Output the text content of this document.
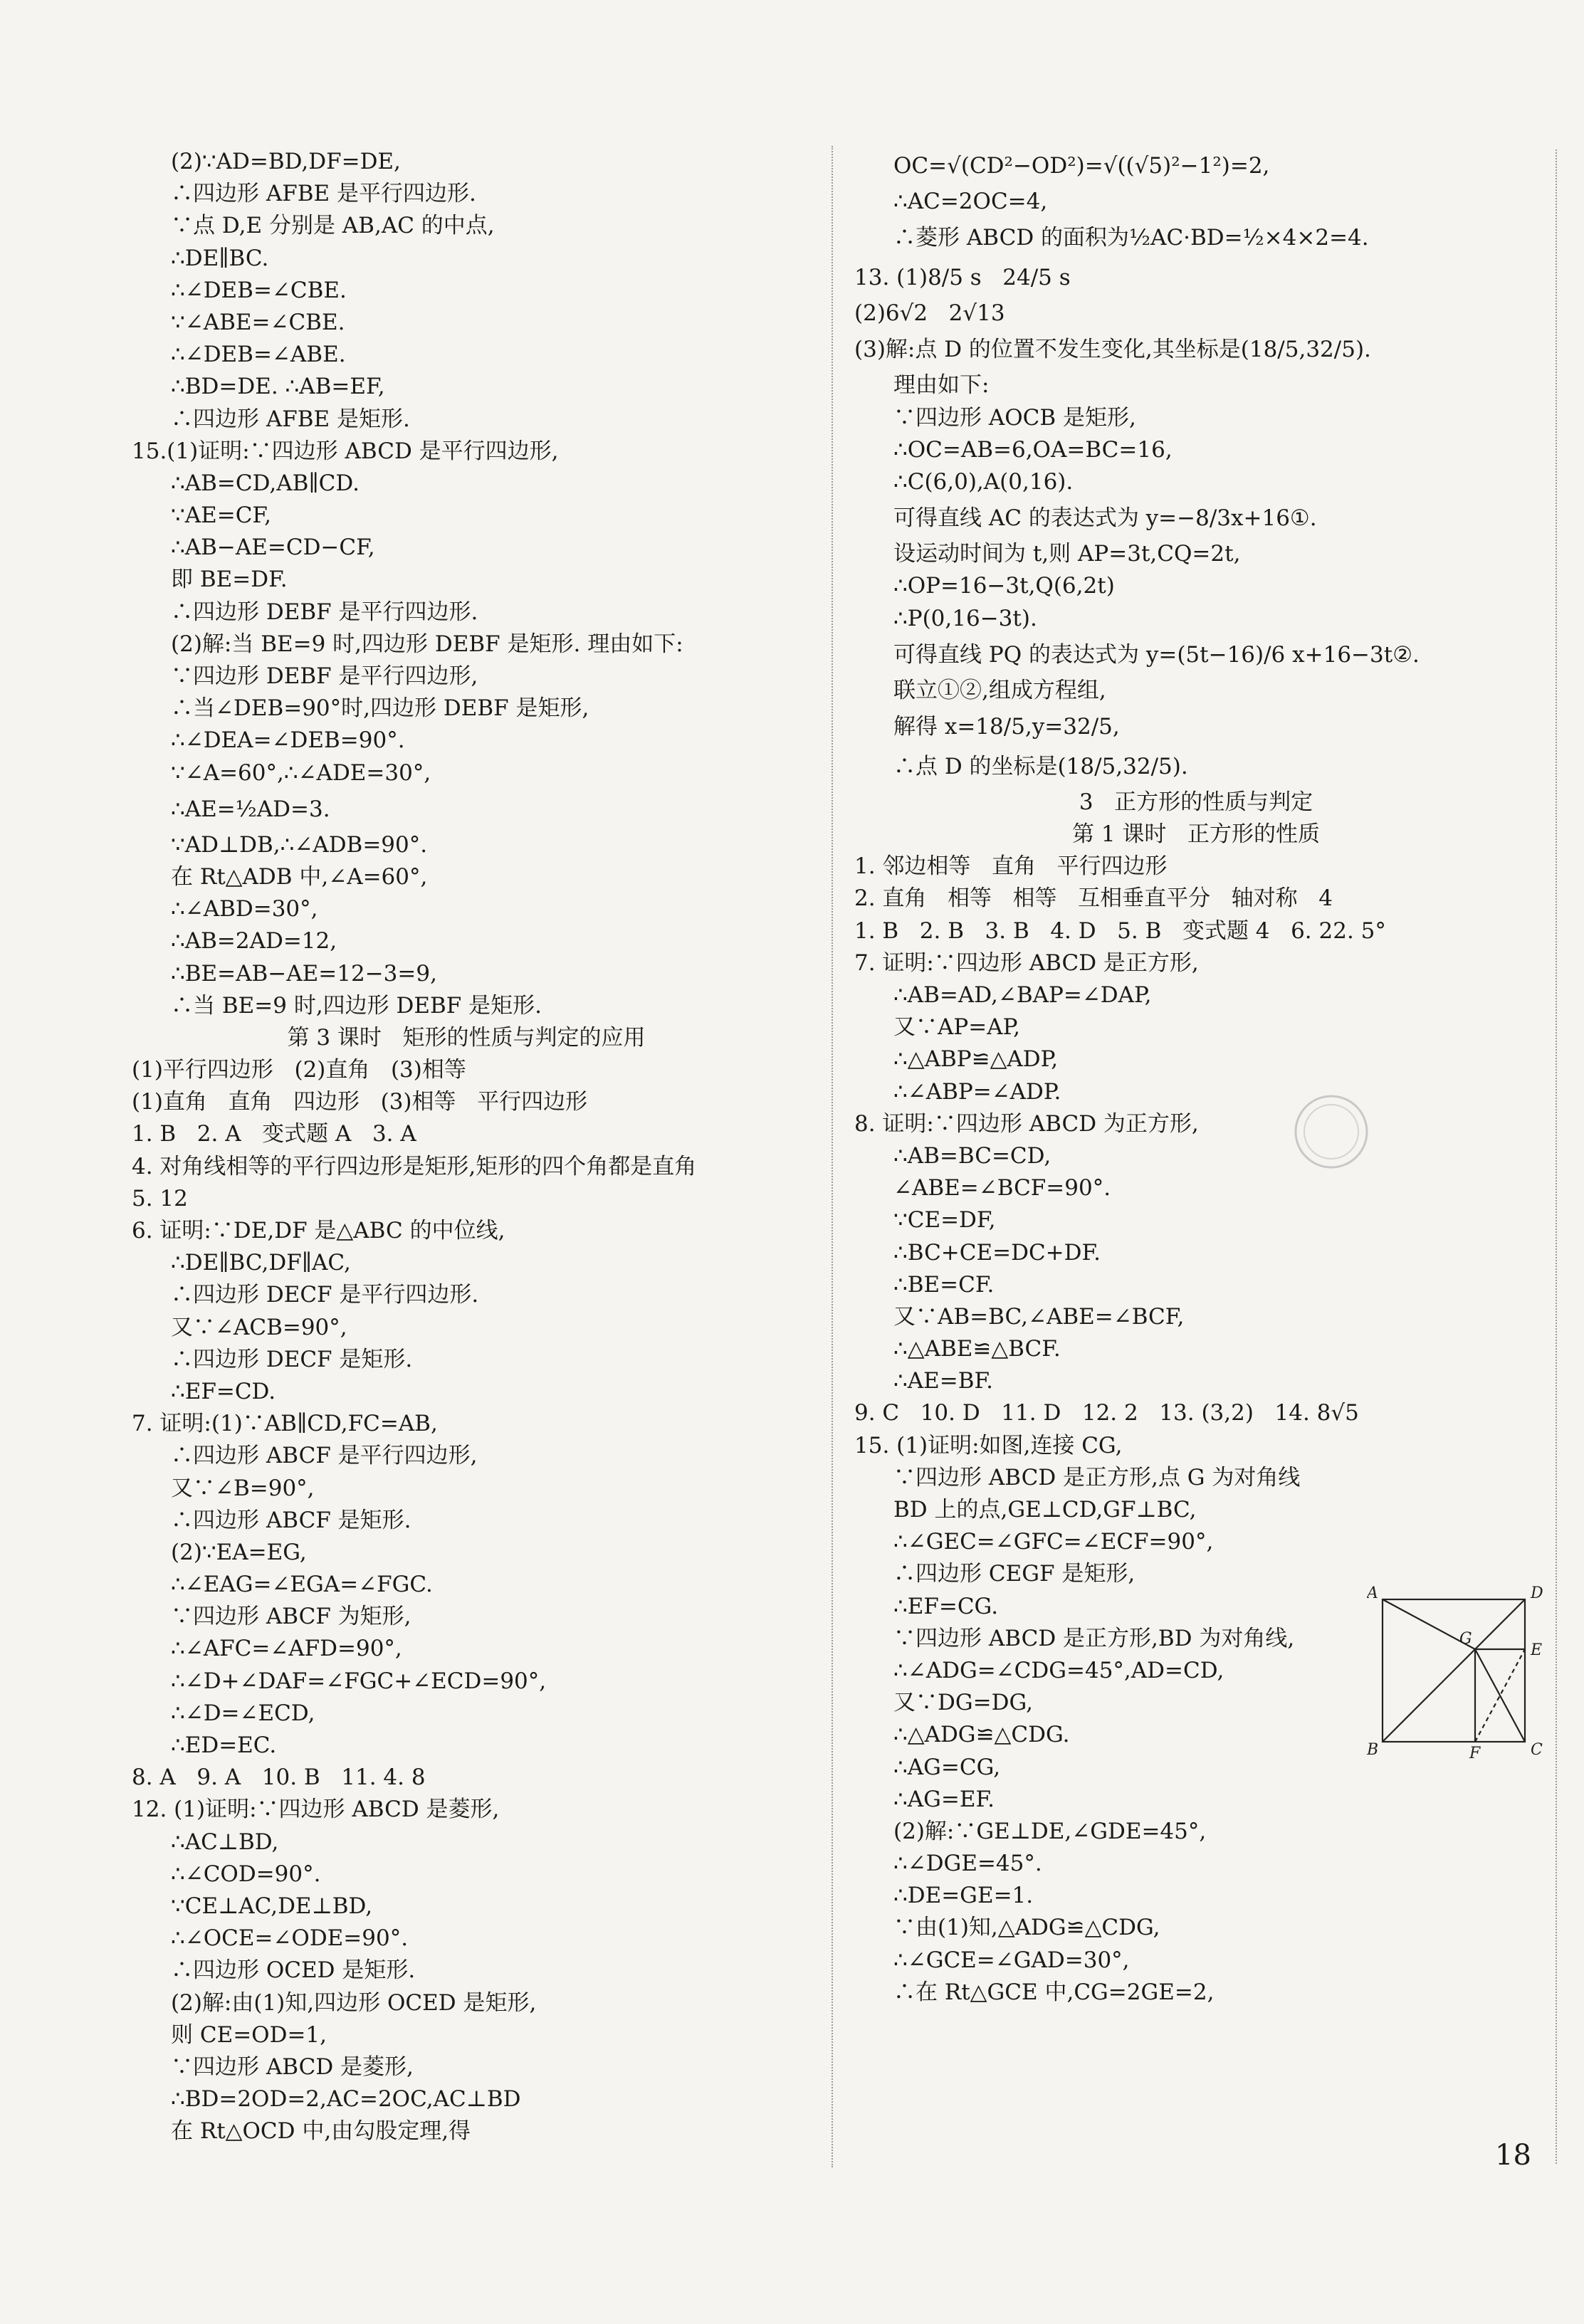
(2)∵AD=BD,DF=DE,
∴四边形 AFBE 是平行四边形.
∵点 D,E 分别是 AB,AC 的中点,
∴DE∥BC.
∴∠DEB=∠CBE.
∵∠ABE=∠CBE.
∴∠DEB=∠ABE.
∴BD=DE. ∴AB=EF,
∴四边形 AFBE 是矩形.
15.(1)证明:∵四边形 ABCD 是平行四边形,
∴AB=CD,AB∥CD.
∵AE=CF,
∴AB−AE=CD−CF,
即 BE=DF.
∴四边形 DEBF 是平行四边形.
(2)解:当 BE=9 时,四边形 DEBF 是矩形. 理由如下:
∵四边形 DEBF 是平行四边形,
∴当∠DEB=90°时,四边形 DEBF 是矩形,
∴∠DEA=∠DEB=90°.
∵∠A=60°,∴∠ADE=30°,
∴AE=½AD=3.
∵AD⊥DB,∴∠ADB=90°.
在 Rt△ADB 中,∠A=60°,
∴∠ABD=30°,
∴AB=2AD=12,
∴BE=AB−AE=12−3=9,
∴当 BE=9 时,四边形 DEBF 是矩形.
第 3 课时   矩形的性质与判定的应用
(1)平行四边形   (2)直角   (3)相等
(1)直角   直角   四边形   (3)相等   平行四边形
1. B   2. A   变式题 A   3. A
4. 对角线相等的平行四边形是矩形,矩形的四个角都是直角
5. 12
6. 证明:∵DE,DF 是△ABC 的中位线,
∴DE∥BC,DF∥AC,
∴四边形 DECF 是平行四边形.
又∵∠ACB=90°,
∴四边形 DECF 是矩形.
∴EF=CD.
7. 证明:(1)∵AB∥CD,FC=AB,
∴四边形 ABCF 是平行四边形,
又∵∠B=90°,
∴四边形 ABCF 是矩形.
(2)∵EA=EG,
∴∠EAG=∠EGA=∠FGC.
∵四边形 ABCF 为矩形,
∴∠AFC=∠AFD=90°,
∴∠D+∠DAF=∠FGC+∠ECD=90°,
∴∠D=∠ECD,
∴ED=EC.
8. A   9. A   10. B   11. 4. 8
12. (1)证明:∵四边形 ABCD 是菱形,
∴AC⊥BD,
∴∠COD=90°.
∵CE⊥AC,DE⊥BD,
∴∠OCE=∠ODE=90°.
∴四边形 OCED 是矩形.
(2)解:由(1)知,四边形 OCED 是矩形,
则 CE=OD=1,
∵四边形 ABCD 是菱形,
∴BD=2OD=2,AC=2OC,AC⊥BD
在 Rt△OCD 中,由勾股定理,得
OC=√(CD²−OD²)=√((√5)²−1²)=2,
∴AC=2OC=4,
∴菱形 ABCD 的面积为½AC·BD=½×4×2=4.
13. (1)8/5 s   24/5 s
(2)6√2   2√13
(3)解:点 D 的位置不发生变化,其坐标是(18/5,32/5).
理由如下:
∵四边形 AOCB 是矩形,
∴OC=AB=6,OA=BC=16,
∴C(6,0),A(0,16).
可得直线 AC 的表达式为 y=−8/3x+16①.
设运动时间为 t,则 AP=3t,CQ=2t,
∴OP=16−3t,Q(6,2t)
∴P(0,16−3t).
可得直线 PQ 的表达式为 y=(5t−16)/6 x+16−3t②.
联立①②,组成方程组,
解得 x=18/5,y=32/5,
∴点 D 的坐标是(18/5,32/5).
3   正方形的性质与判定
第 1 课时   正方形的性质
1. 邻边相等   直角   平行四边形
2. 直角   相等   相等   互相垂直平分   轴对称   4
1. B   2. B   3. B   4. D   5. B   变式题 4   6. 22. 5°
7. 证明:∵四边形 ABCD 是正方形,
∴AB=AD,∠BAP=∠DAP,
又∵AP=AP,
∴△ABP≌△ADP,
∴∠ABP=∠ADP.
8. 证明:∵四边形 ABCD 为正方形,
∴AB=BC=CD,
∠ABE=∠BCF=90°.
∵CE=DF,
∴BC+CE=DC+DF.
∴BE=CF.
又∵AB=BC,∠ABE=∠BCF,
∴△ABE≌△BCF.
∴AE=BF.
9. C   10. D   11. D   12. 2   13. (3,2)   14. 8√5
15. (1)证明:如图,连接 CG,
∵四边形 ABCD 是正方形,点 G 为对角线
BD 上的点,GE⊥CD,GF⊥BC,
∴∠GEC=∠GFC=∠ECF=90°,
∴四边形 CEGF 是矩形,
∴EF=CG.
∵四边形 ABCD 是正方形,BD 为对角线,
∴∠ADG=∠CDG=45°,AD=CD,
又∵DG=DG,
∴△ADG≌△CDG.
∴AG=CG,
∴AG=EF.
(2)解:∵GE⊥DE,∠GDE=45°,
∴∠DGE=45°.
∴DE=GE=1.
∵由(1)知,△ADG≌△CDG,
∴∠GCE=∠GAD=30°,
∴在 Rt△GCE 中,CG=2GE=2,
A	D
E
G
B	F	C
18
